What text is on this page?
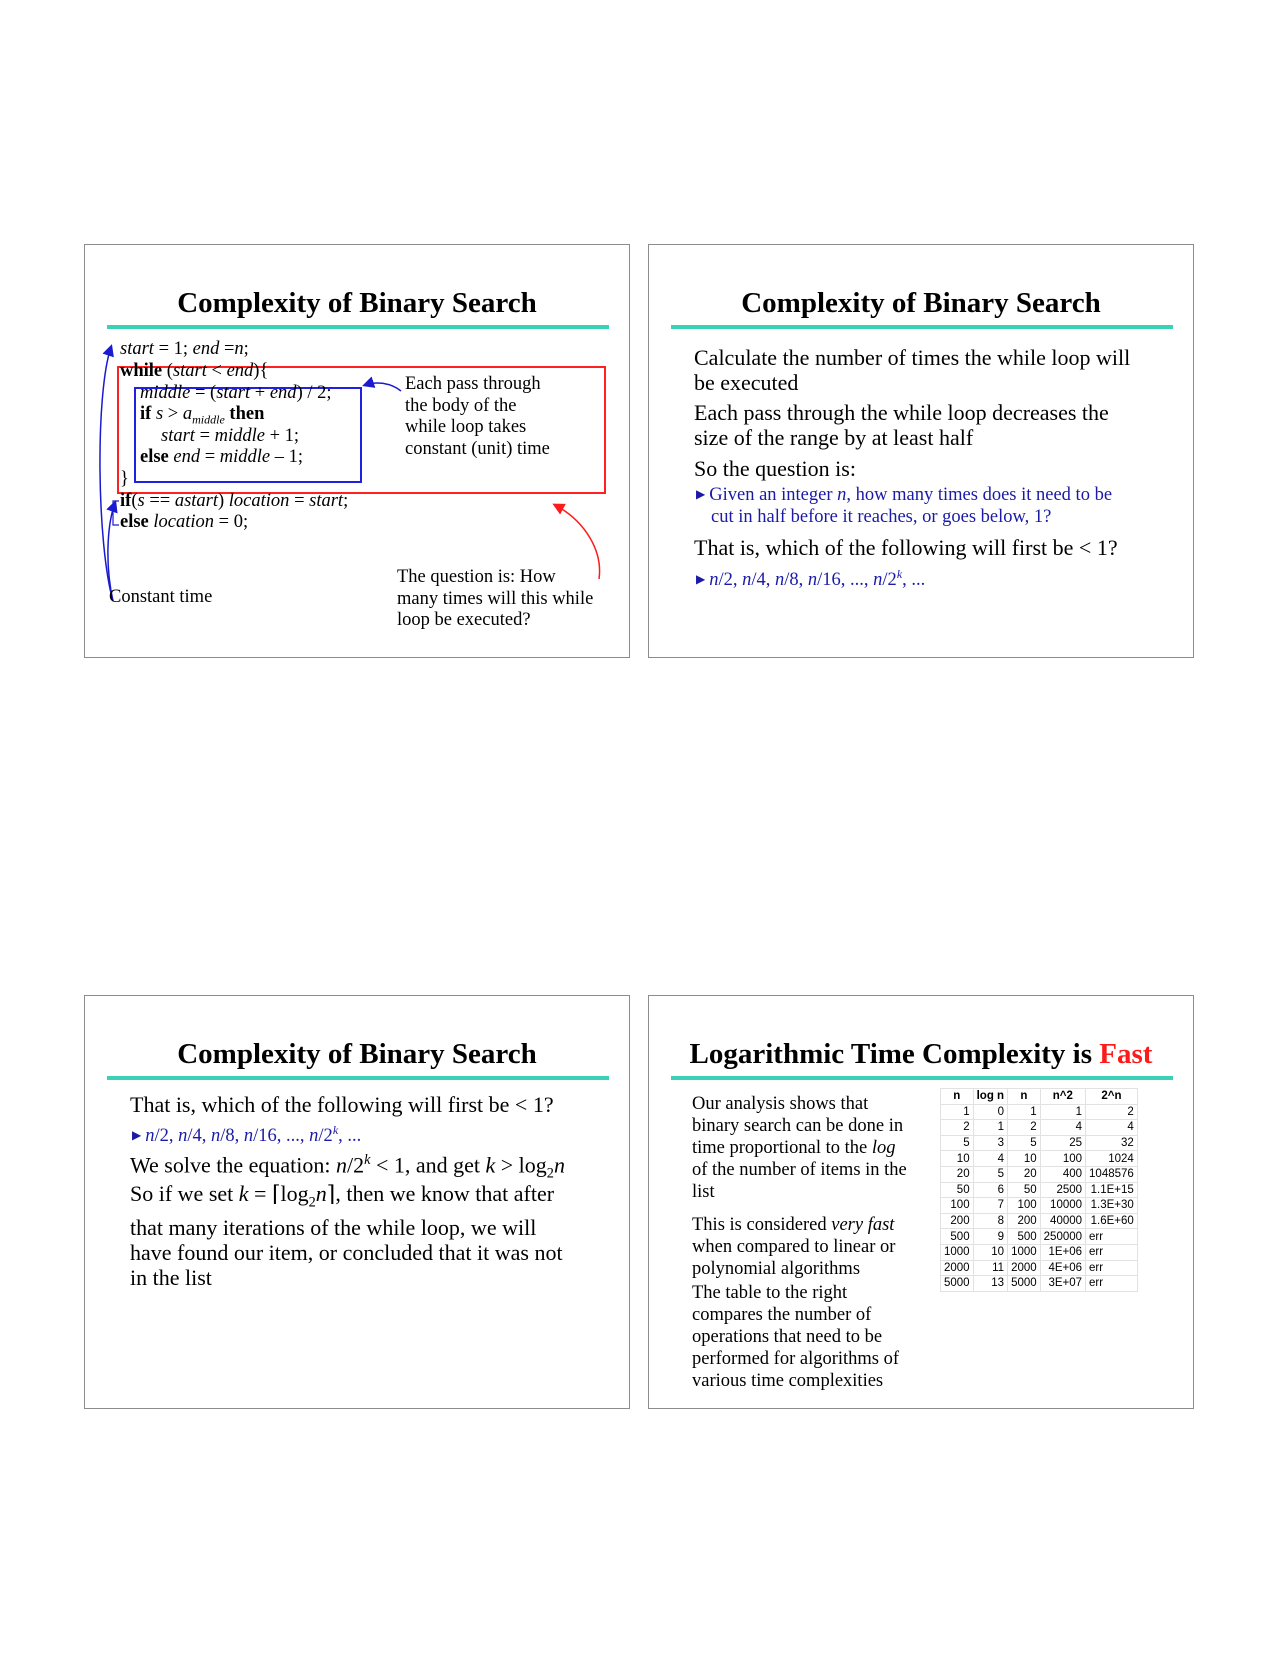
Complexity of Binary Search
start = 1; end =n;
while (start < end){
middle = (start + end) / 2;
if $s > a_{middle}$ then
start = middle + 1;
else end = middle – 1;
}
if(s == astart) location = start;
else location = 0;
Each pass through
the body of the
while loop takes
constant (unit) time
Constant time
The question is: How
many times will this while
loop be executed?
Complexity of Binary Search
Calculate the number of times the while loop will
be executed
Each pass through the while loop decreases the
size of the range by at least half
So the question is:
▶ Given an integer n, how many times does it need to be
cut in half before it reaches, or goes below, 1?
That is, which of the following will first be < 1?
▶ n/2, n/4, n/8, n/16, ..., n/2$^k$, ...
Complexity of Binary Search
That is, which of the following will first be < 1?
▶ n/2, n/4, n/8, n/16, ..., n/2$^k$, ...
We solve the equation: $n/2^k < 1$, and get $k > \log_2n$
So if we set $k = ⌈\log_2n⌉$, then we know that after
that many iterations of the while loop, we will
have found our item, or concluded that it was not
in the list
Logarithmic Time Complexity is Fast
Our analysis shows that
binary search can be done in
time proportional to the log
of the number of items in the
list
This is considered very fast
when compared to linear or
polynomial algorithms
The table to the right
compares the number of
operations that need to be
performed for algorithms of
various time complexities
n	log n	n	n^2	2^n
1	0	1	1	2
2	1	2	4	4
5	3	5	25	32
10	4	10	100	1024
20	5	20	400	1048576
50	6	50	2500	1.1E+15
100	7	100	10000	1.3E+30
200	8	200	40000	1.6E+60
500	9	500	250000	err
1000	10	1000	1E+06	err
2000	11	2000	4E+06	err
5000	13	5000	3E+07	err
